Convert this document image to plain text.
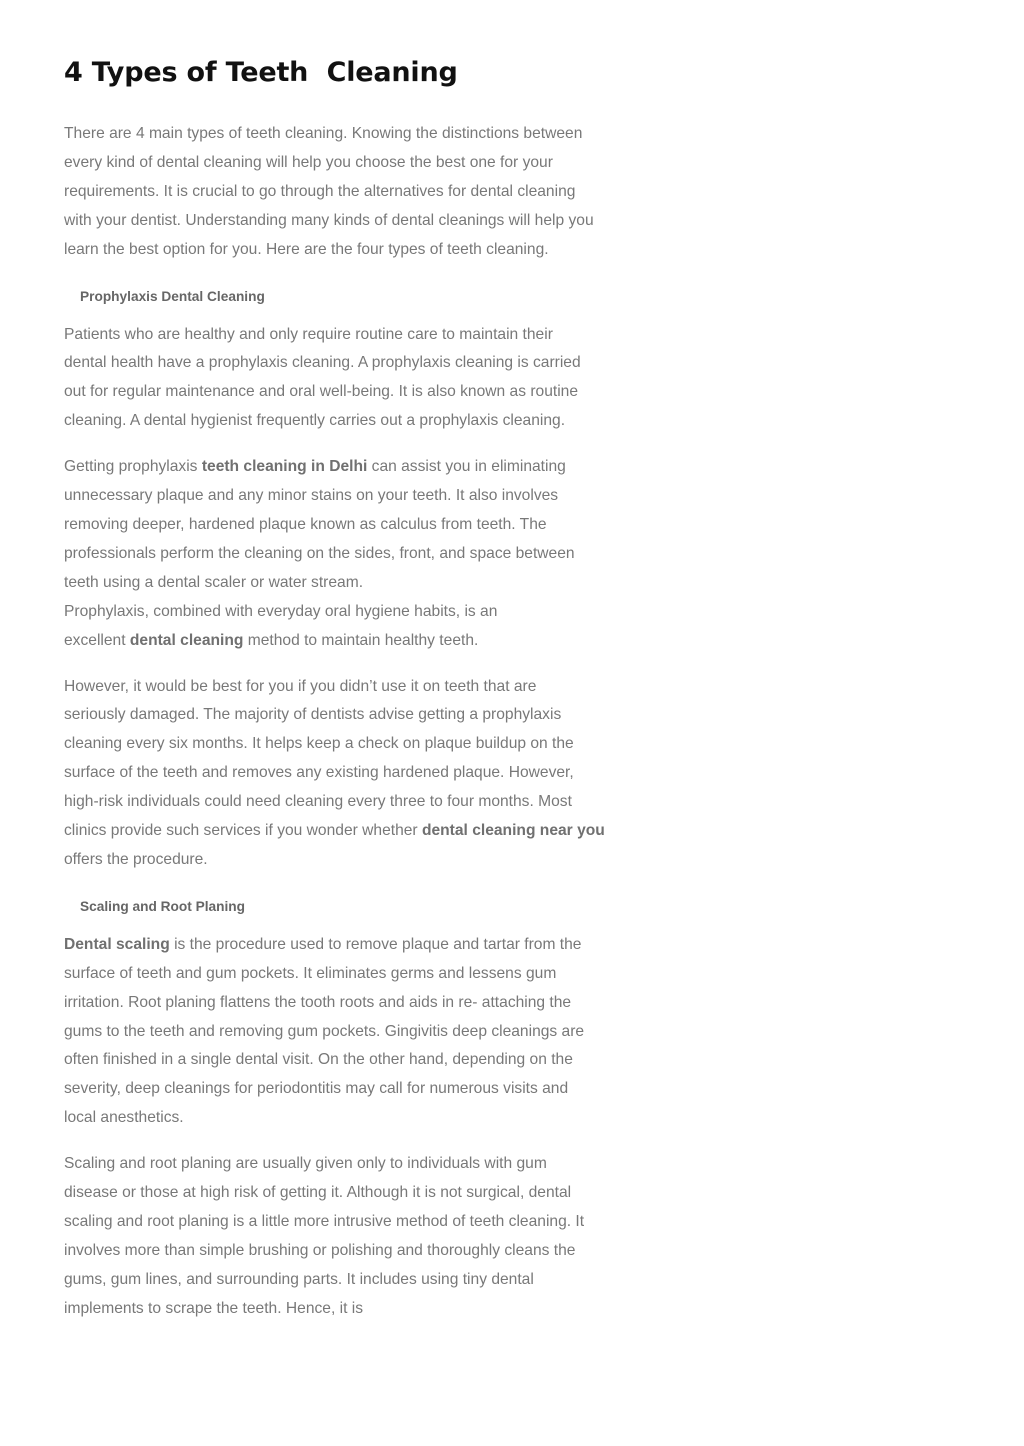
4 Types of Teeth  Cleaning

There are 4 main types of teeth cleaning. Knowing the distinctions between
every kind of dental cleaning will help you choose the best one for your
requirements. It is crucial to go through the alternatives for dental cleaning
with your dentist. Understanding many kinds of dental cleanings will help you
learn the best option for you. Here are the four types of teeth cleaning.

Prophylaxis Dental Cleaning

Patients who are healthy and only require routine care to maintain their
dental health have a prophylaxis cleaning. A prophylaxis cleaning is carried
out for regular maintenance and oral well-being. It is also known as routine
cleaning. A dental hygienist frequently carries out a prophylaxis cleaning.

Getting prophylaxis teeth cleaning in Delhi can assist you in eliminating
unnecessary plaque and any minor stains on your teeth. It also involves
removing deeper, hardened plaque known as calculus from teeth. The
professionals perform the cleaning on the sides, front, and space between
teeth using a dental scaler or water stream.
Prophylaxis, combined with everyday oral hygiene habits, is an
excellent dental cleaning method to maintain healthy teeth.

However, it would be best for you if you didn’t use it on teeth that are
seriously damaged. The majority of dentists advise getting a prophylaxis
cleaning every six months. It helps keep a check on plaque buildup on the
surface of the teeth and removes any existing hardened plaque. However,
high-risk individuals could need cleaning every three to four months. Most
clinics provide such services if you wonder whether dental cleaning near you
offers the procedure.

Scaling and Root Planing

Dental scaling is the procedure used to remove plaque and tartar from the
surface of teeth and gum pockets. It eliminates germs and lessens gum
irritation. Root planing flattens the tooth roots and aids in re- attaching the
gums to the teeth and removing gum pockets. Gingivitis deep cleanings are
often finished in a single dental visit. On the other hand, depending on the
severity, deep cleanings for periodontitis may call for numerous visits and
local anesthetics.

Scaling and root planing are usually given only to individuals with gum
disease or those at high risk of getting it. Although it is not surgical, dental
scaling and root planing is a little more intrusive method of teeth cleaning. It
involves more than simple brushing or polishing and thoroughly cleans the
gums, gum lines, and surrounding parts. It includes using tiny dental
implements to scrape the teeth. Hence, it is
